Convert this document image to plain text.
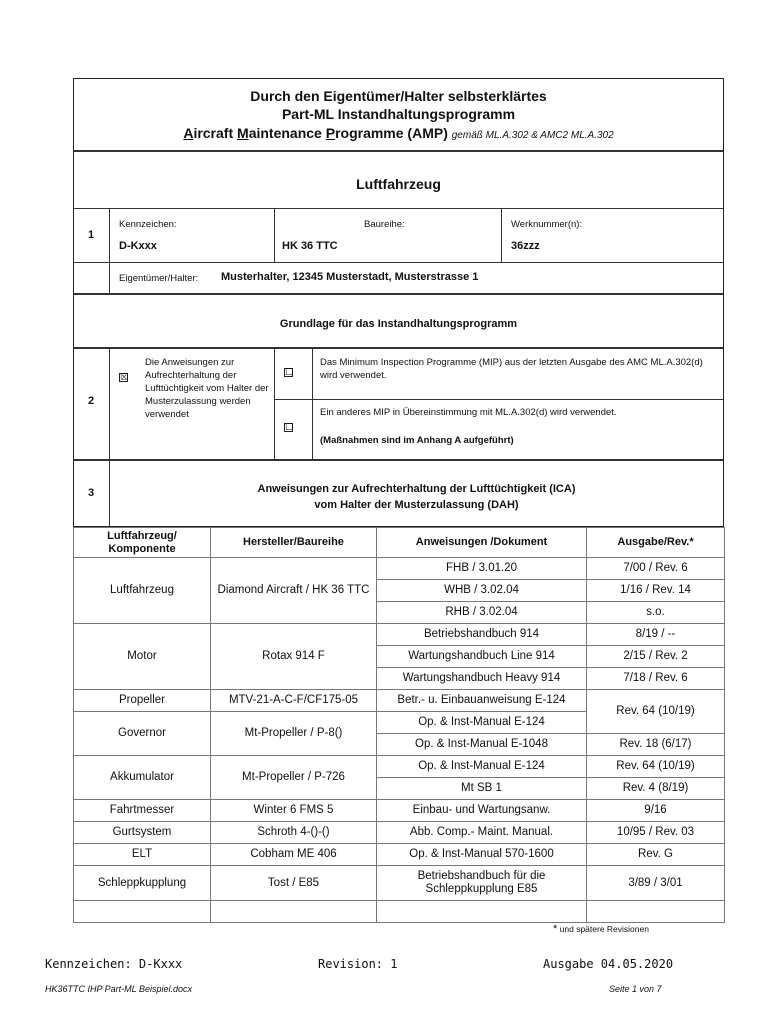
Durch den Eigentümer/Halter selbsterklärtes
Part-ML Instandhaltungsprogramm
Aircraft Maintenance Programme (AMP) gemäß ML.A.302 & AMC2 ML.A.302
Luftfahrzeug
1
Kennzeichen:
D-Kxxx
Baureihe:
HK 36 TTC
Werknummer(n):
36zzz
Eigentümer/Halter: Musterhalter, 12345 Musterstadt, Musterstrasse 1
Grundlage für das Instandhaltungsprogramm
2
☒
Die Anweisungen zur Aufrechterhaltung der Lufttüchtigkeit vom Halter der Musterzulassung werden verwendet
☐
Das Minimum Inspection Programme (MIP) aus der letzten Ausgabe des AMC ML.A.302(d) wird verwendet.
☐
Ein anderes MIP in Übereinstimmung mit ML.A.302(d) wird verwendet.
(Maßnahmen sind im Anhang A aufgeführt)
3	Anweisungen zur Aufrechterhaltung der Lufttüchtigkeit (ICA)
vom Halter der Musterzulassung (DAH)
Luftfahrzeug/ Komponente	Hersteller/Baureihe	Anweisungen /Dokument	Ausgabe/Rev.*
Luftfahrzeug	Diamond Aircraft / HK 36 TTC	FHB / 3.01.20	7/00 / Rev. 6
		WHB / 3.02.04	1/16 / Rev. 14
		RHB / 3.02.04	s.o.
Motor	Rotax 914 F	Betriebshandbuch 914	8/19 / --
		Wartungshandbuch Line 914	2/15 / Rev. 2
		Wartungshandbuch Heavy 914	7/18 / Rev. 6
Propeller	MTV-21-A-C-F/CF175-05	Betr.- u. Einbauanweisung E-124	Rev. 64 (10/19)
Governor	Mt-Propeller / P-8()	Op. & Inst-Manual E-124	
		Op. & Inst-Manual E-1048	Rev. 18 (6/17)
Akkumulator	Mt-Propeller / P-726	Op. & Inst-Manual E-124	Rev. 64 (10/19)
		Mt SB 1	Rev. 4 (8/19)
Fahrtmesser	Winter 6 FMS 5	Einbau- und Wartungsanw.	9/16
Gurtsystem	Schroth 4-()-()	Abb. Comp.- Maint. Manual.	10/95 / Rev. 03
ELT	Cobham ME 406	Op. & Inst-Manual 570-1600	Rev. G
Schleppkupplung	Tost / E85	Betriebshandbuch für die Schleppkupplung E85	3/89 / 3/01

* und spätere Revisionen
Kennzeichen: D-Kxxx	Revision: 1	Ausgabe 04.05.2020
HK36TTC IHP Part-ML Beispiel.docx	Seite 1 von 7
